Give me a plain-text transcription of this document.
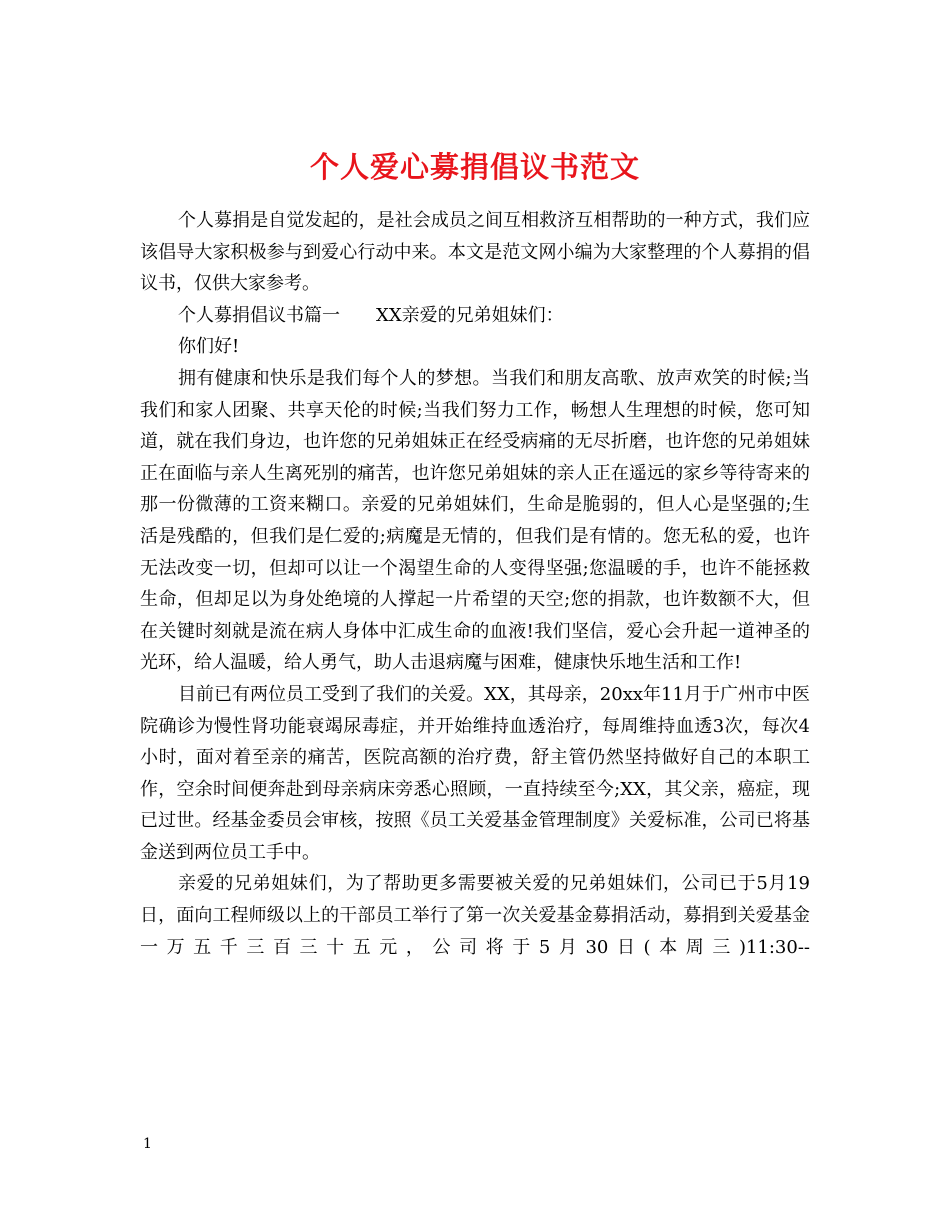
个人爱心募捐倡议书范文

个人募捐是自觉发起的，是社会成员之间互相救济互相帮助的一种方式，我们应该倡导大家积极参与到爱心行动中来。本文是范文网小编为大家整理的个人募捐的倡议书，仅供大家参考。

个人募捐倡议书篇一　　XX亲爱的兄弟姐妹们：

你们好!

拥有健康和快乐是我们每个人的梦想。当我们和朋友高歌、放声欢笑的时候;当我们和家人团聚、共享天伦的时候;当我们努力工作，畅想人生理想的时候，您可知道，就在我们身边，也许您的兄弟姐妹正在经受病痛的无尽折磨，也许您的兄弟姐妹正在面临与亲人生离死别的痛苦，也许您兄弟姐妹的亲人正在遥远的家乡等待寄来的那一份微薄的工资来糊口。亲爱的兄弟姐妹们，生命是脆弱的，但人心是坚强的;生活是残酷的，但我们是仁爱的;病魔是无情的，但我们是有情的。您无私的爱，也许无法改变一切，但却可以让一个渴望生命的人变得坚强;您温暖的手，也许不能拯救生命，但却足以为身处绝境的人撑起一片希望的天空;您的捐款，也许数额不大，但在关键时刻就是流在病人身体中汇成生命的血液!我们坚信，爱心会升起一道神圣的光环，给人温暖，给人勇气，助人击退病魔与困难，健康快乐地生活和工作!

目前已有两位员工受到了我们的关爱。XX，其母亲，20xx年11月于广州市中医院确诊为慢性肾功能衰竭尿毒症，并开始维持血透治疗，每周维持血透3次，每次4小时，面对着至亲的痛苦，医院高额的治疗费，舒主管仍然坚持做好自己的本职工作，空余时间便奔赴到母亲病床旁悉心照顾，一直持续至今;XX，其父亲，癌症，现已过世。经基金委员会审核，按照《员工关爱基金管理制度》关爱标准，公司已将基金送到两位员工手中。

亲爱的兄弟姐妹们，为了帮助更多需要被关爱的兄弟姐妹们，公司已于5月19日，面向工程师级以上的干部员工举行了第一次关爱基金募捐活动，募捐到关爱基金一万五千三百三十五元，公司将于5月30日(本周三)11:30--

1
